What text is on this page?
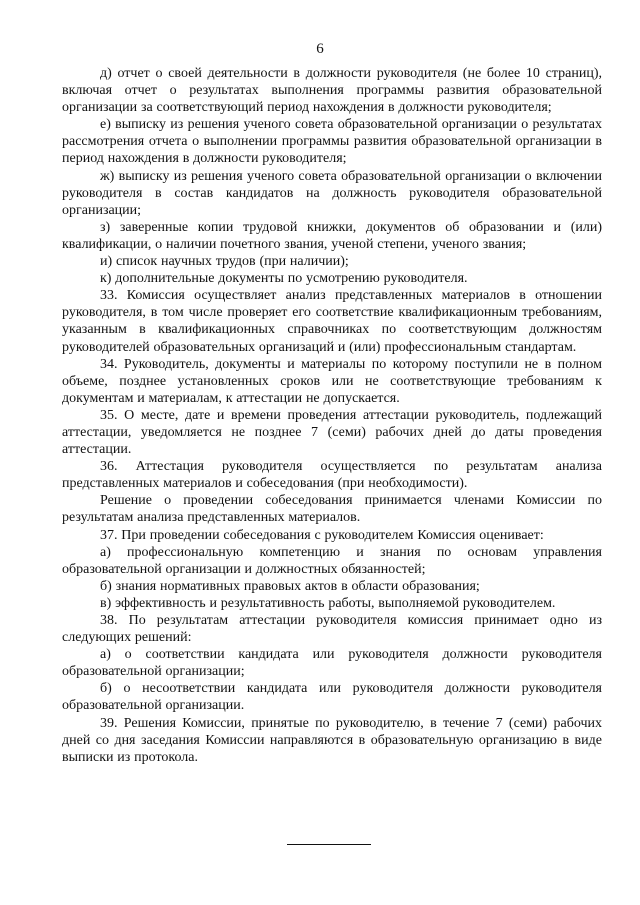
6

д) отчет о своей деятельности в должности руководителя (не более 10 страниц), включая отчет о результатах выполнения программы развития образовательной организации за соответствующий период нахождения в должности руководителя;

е) выписку из решения ученого совета образовательной организации о результатах рассмотрения отчета о выполнении программы развития образовательной организации в период нахождения в должности руководителя;

ж) выписку из решения ученого совета образовательной организации о включении руководителя в состав кандидатов на должность руководителя образовательной организации;

з) заверенные копии трудовой книжки, документов об образовании и (или) квалификации, о наличии почетного звания, ученой степени, ученого звания;

и) список научных трудов (при наличии);

к) дополнительные документы по усмотрению руководителя.

33. Комиссия осуществляет анализ представленных материалов в отношении руководителя, в том числе проверяет его соответствие квалификационным требованиям, указанным в квалификационных справочниках по соответствующим должностям руководителей образовательных организаций и (или) профессиональным стандартам.

34. Руководитель, документы и материалы по которому поступили не в полном объеме, позднее установленных сроков или не соответствующие требованиям к документам и материалам, к аттестации не допускается.

35. О месте, дате и времени проведения аттестации руководитель, подлежащий аттестации, уведомляется не позднее 7 (семи) рабочих дней до даты проведения аттестации.

36. Аттестация руководителя осуществляется по результатам анализа представленных материалов и собеседования (при необходимости).

Решение о проведении собеседования принимается членами Комиссии по результатам анализа представленных материалов.

37. При проведении собеседования с руководителем Комиссия оценивает:

а) профессиональную компетенцию и знания по основам управления образовательной организации и должностных обязанностей;

б) знания нормативных правовых актов в области образования;

в) эффективность и результативность работы, выполняемой руководителем.

38. По результатам аттестации руководителя комиссия принимает одно из следующих решений:

а) о соответствии кандидата или руководителя должности руководителя образовательной организации;

б) о несоответствии кандидата или руководителя должности руководителя образовательной организации.

39. Решения Комиссии, принятые по руководителю, в течение 7 (семи) рабочих дней со дня заседания Комиссии направляются в образовательную организацию в виде выписки из протокола.
